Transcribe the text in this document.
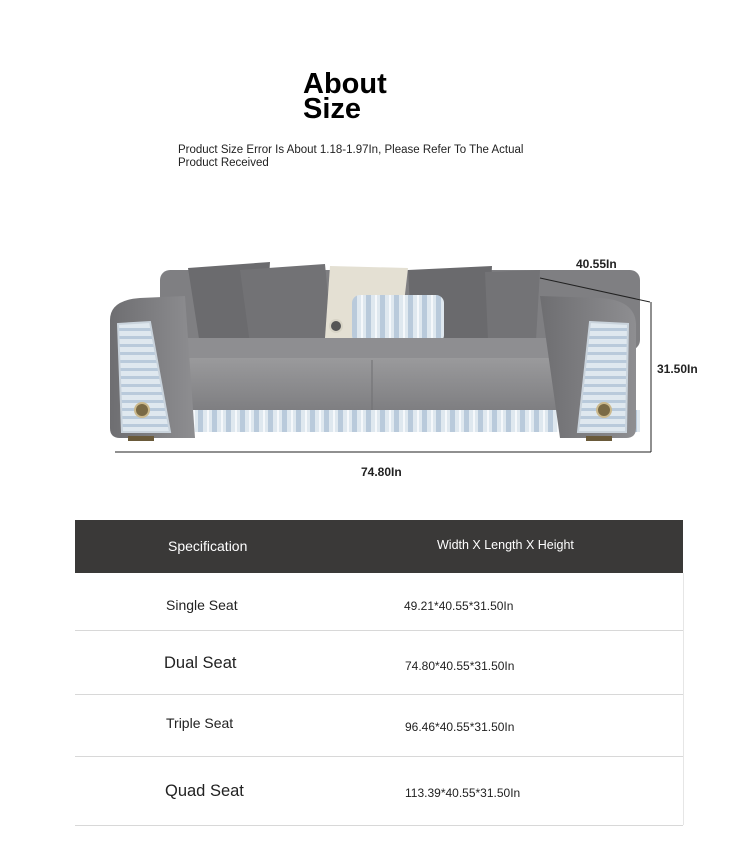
About
Size
Product Size Error Is About 1.18-1.97In, Please Refer To The Actual Product Received
40.55In
31.50In
74.80In
Specification	Width X Length X Height
Single Seat	49.21*40.55*31.50In
Dual Seat	74.80*40.55*31.50In
Triple Seat	96.46*40.55*31.50In
Quad Seat	113.39*40.55*31.50In
